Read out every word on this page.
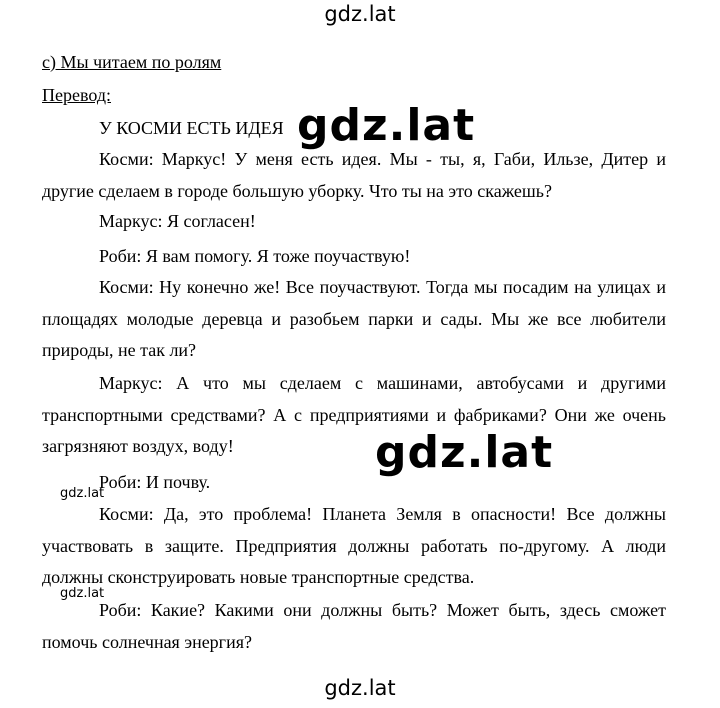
gdz.lat
с) Мы читаем по ролям
Перевод:
У КОСМИ ЕСТЬ ИДЕЯ
Косми: Маркус! У меня есть идея. Мы - ты, я, Габи, Ильзе, Дитер и другие сделаем в городе большую уборку. Что ты на это скажешь?
Маркус: Я согласен!
Роби: Я вам помогу. Я тоже поучаствую!
Косми: Ну конечно же! Все поучаствуют. Тогда мы посадим на улицах и площадях молодые деревца и разобьем парки и сады. Мы же все любители природы, не так ли?
Маркус: А что мы сделаем с машинами, автобусами и другими транспортными средствами? А с предприятиями и фабриками? Они же очень загрязняют воздух, воду!
Роби: И почву.
Косми: Да, это проблема! Планета Земля в опасности! Все должны участвовать в защите. Предприятия должны работать по-другому. А люди должны сконструировать новые транспортные средства.
Роби: Какие? Какими они должны быть? Может быть, здесь сможет помочь солнечная энергия?
gdz.lat
gdz.lat
gdz.lat
gdz.lat
gdz.lat
